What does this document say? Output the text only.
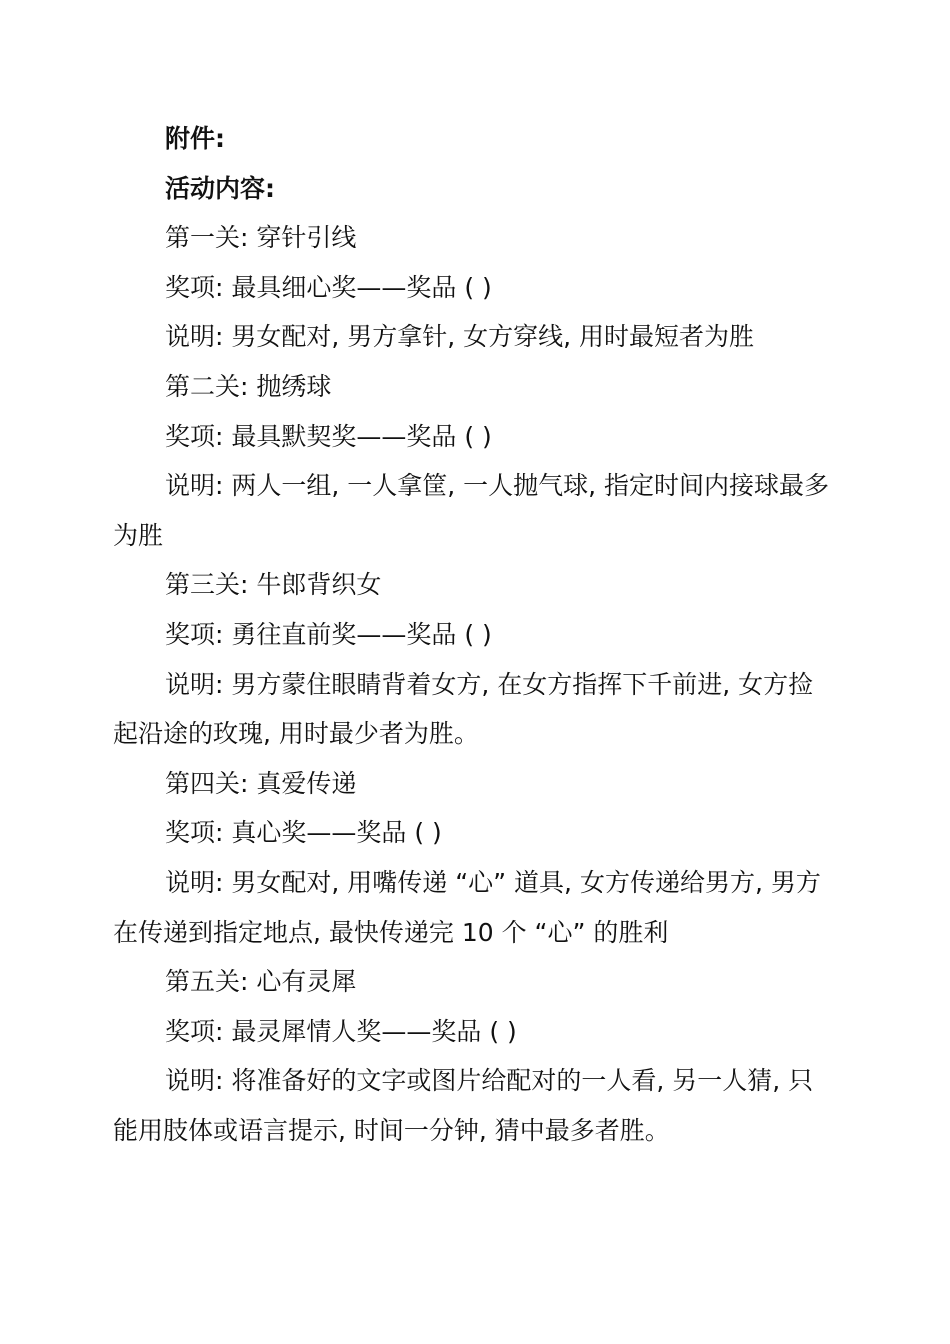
附件:
活动内容:
第一关: 穿针引线
奖项: 最具细心奖——奖品 ( )
说明: 男女配对, 男方拿针, 女方穿线, 用时最短者为胜
第二关: 抛绣球
奖项: 最具默契奖——奖品 ( )
说明: 两人一组, 一人拿筐, 一人抛气球, 指定时间内接球最多
为胜
第三关: 牛郎背织女
奖项: 勇往直前奖——奖品 ( )
说明: 男方蒙住眼睛背着女方, 在女方指挥下千前进, 女方捡
起沿途的玫瑰, 用时最少者为胜。
第四关: 真爱传递
奖项: 真心奖——奖品 ( )
说明: 男女配对, 用嘴传递 “心” 道具, 女方传递给男方, 男方
在传递到指定地点, 最快传递完 10 个 “心” 的胜利
第五关: 心有灵犀
奖项: 最灵犀情人奖——奖品 ( )
说明: 将准备好的文字或图片给配对的一人看, 另一人猜, 只
能用肢体或语言提示, 时间一分钟, 猜中最多者胜。
